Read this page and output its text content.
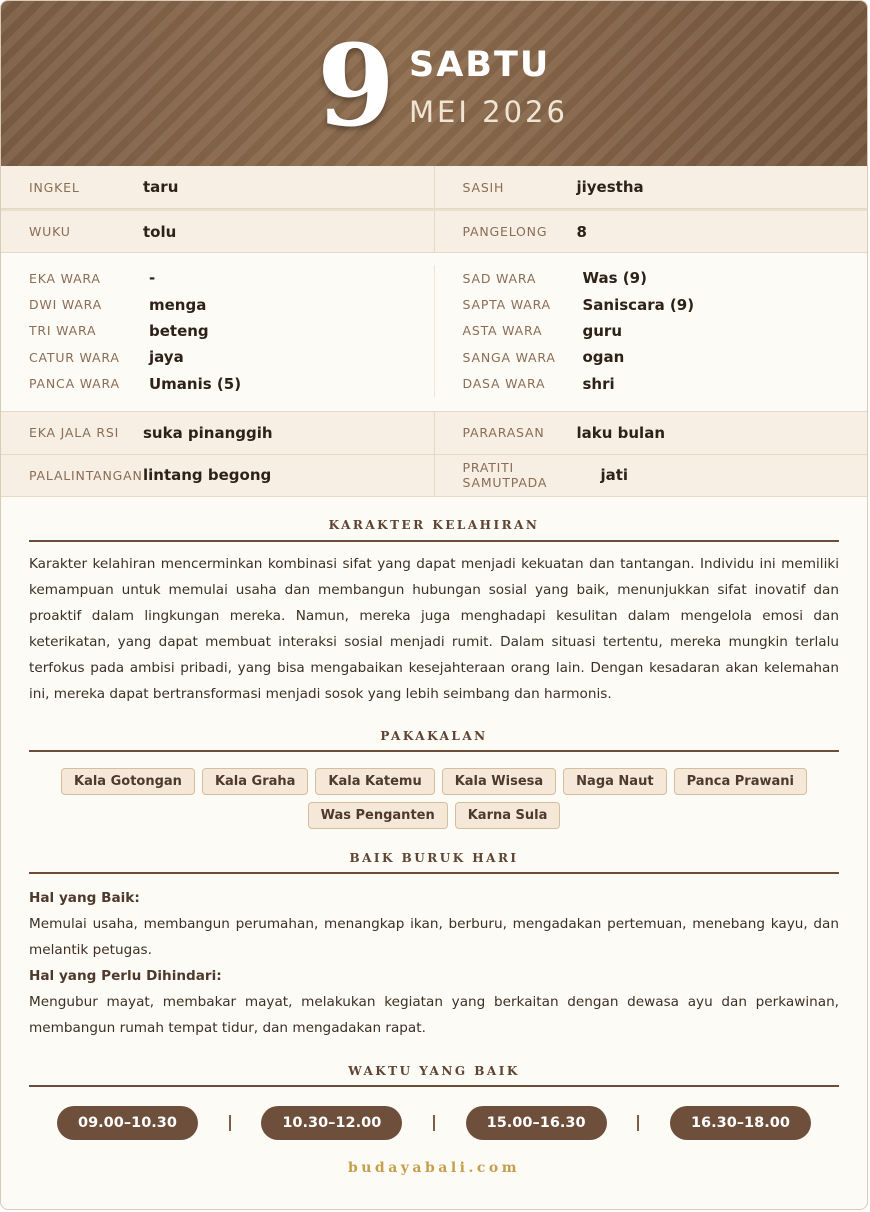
9 SABTU
MEI 2026
INGKEL	taru	SASIH	jiyestha
WUKU	tolu	PANGELONG	8
EKA WARA	-
DWI WARA	menga
TRI WARA	beteng
CATUR WARA	jaya
PANCA WARA	Umanis (5)
SAD WARA	Was (9)
SAPTA WARA	Saniscara (9)
ASTA WARA	guru
SANGA WARA	ogan
DASA WARA	shri
EKA JALA RSI	suka pinanggih	PARARASAN	laku bulan
PALALINTANGAN lintang begong	PRATITI SAMUTPADA	jati
KARAKTER KELAHIRAN
Karakter kelahiran mencerminkan kombinasi sifat yang dapat menjadi kekuatan dan tantangan. Individu ini memiliki kemampuan untuk memulai usaha dan membangun hubungan sosial yang baik, menunjukkan sifat inovatif dan proaktif dalam lingkungan mereka. Namun, mereka juga menghadapi kesulitan dalam mengelola emosi dan keterikatan, yang dapat membuat interaksi sosial menjadi rumit. Dalam situasi tertentu, mereka mungkin terlalu terfokus pada ambisi pribadi, yang bisa mengabaikan kesejahteraan orang lain. Dengan kesadaran akan kelemahan ini, mereka dapat bertransformasi menjadi sosok yang lebih seimbang dan harmonis.
PAKAKALAN
Kala Gotongan	Kala Graha	Kala Katemu	Kala Wisesa	Naga Naut	Panca Prawani
Was Penganten	Karna Sula
BAIK BURUK HARI
Hal yang Baik:
Memulai usaha, membangun perumahan, menangkap ikan, berburu, mengadakan pertemuan, menebang kayu, dan melantik petugas.
Hal yang Perlu Dihindari:
Mengubur mayat, membakar mayat, melakukan kegiatan yang berkaitan dengan dewasa ayu dan perkawinan, membangun rumah tempat tidur, dan mengadakan rapat.
WAKTU YANG BAIK
09.00–10.30	10.30–12.00	15.00–16.30	16.30–18.00
budayabali.com
